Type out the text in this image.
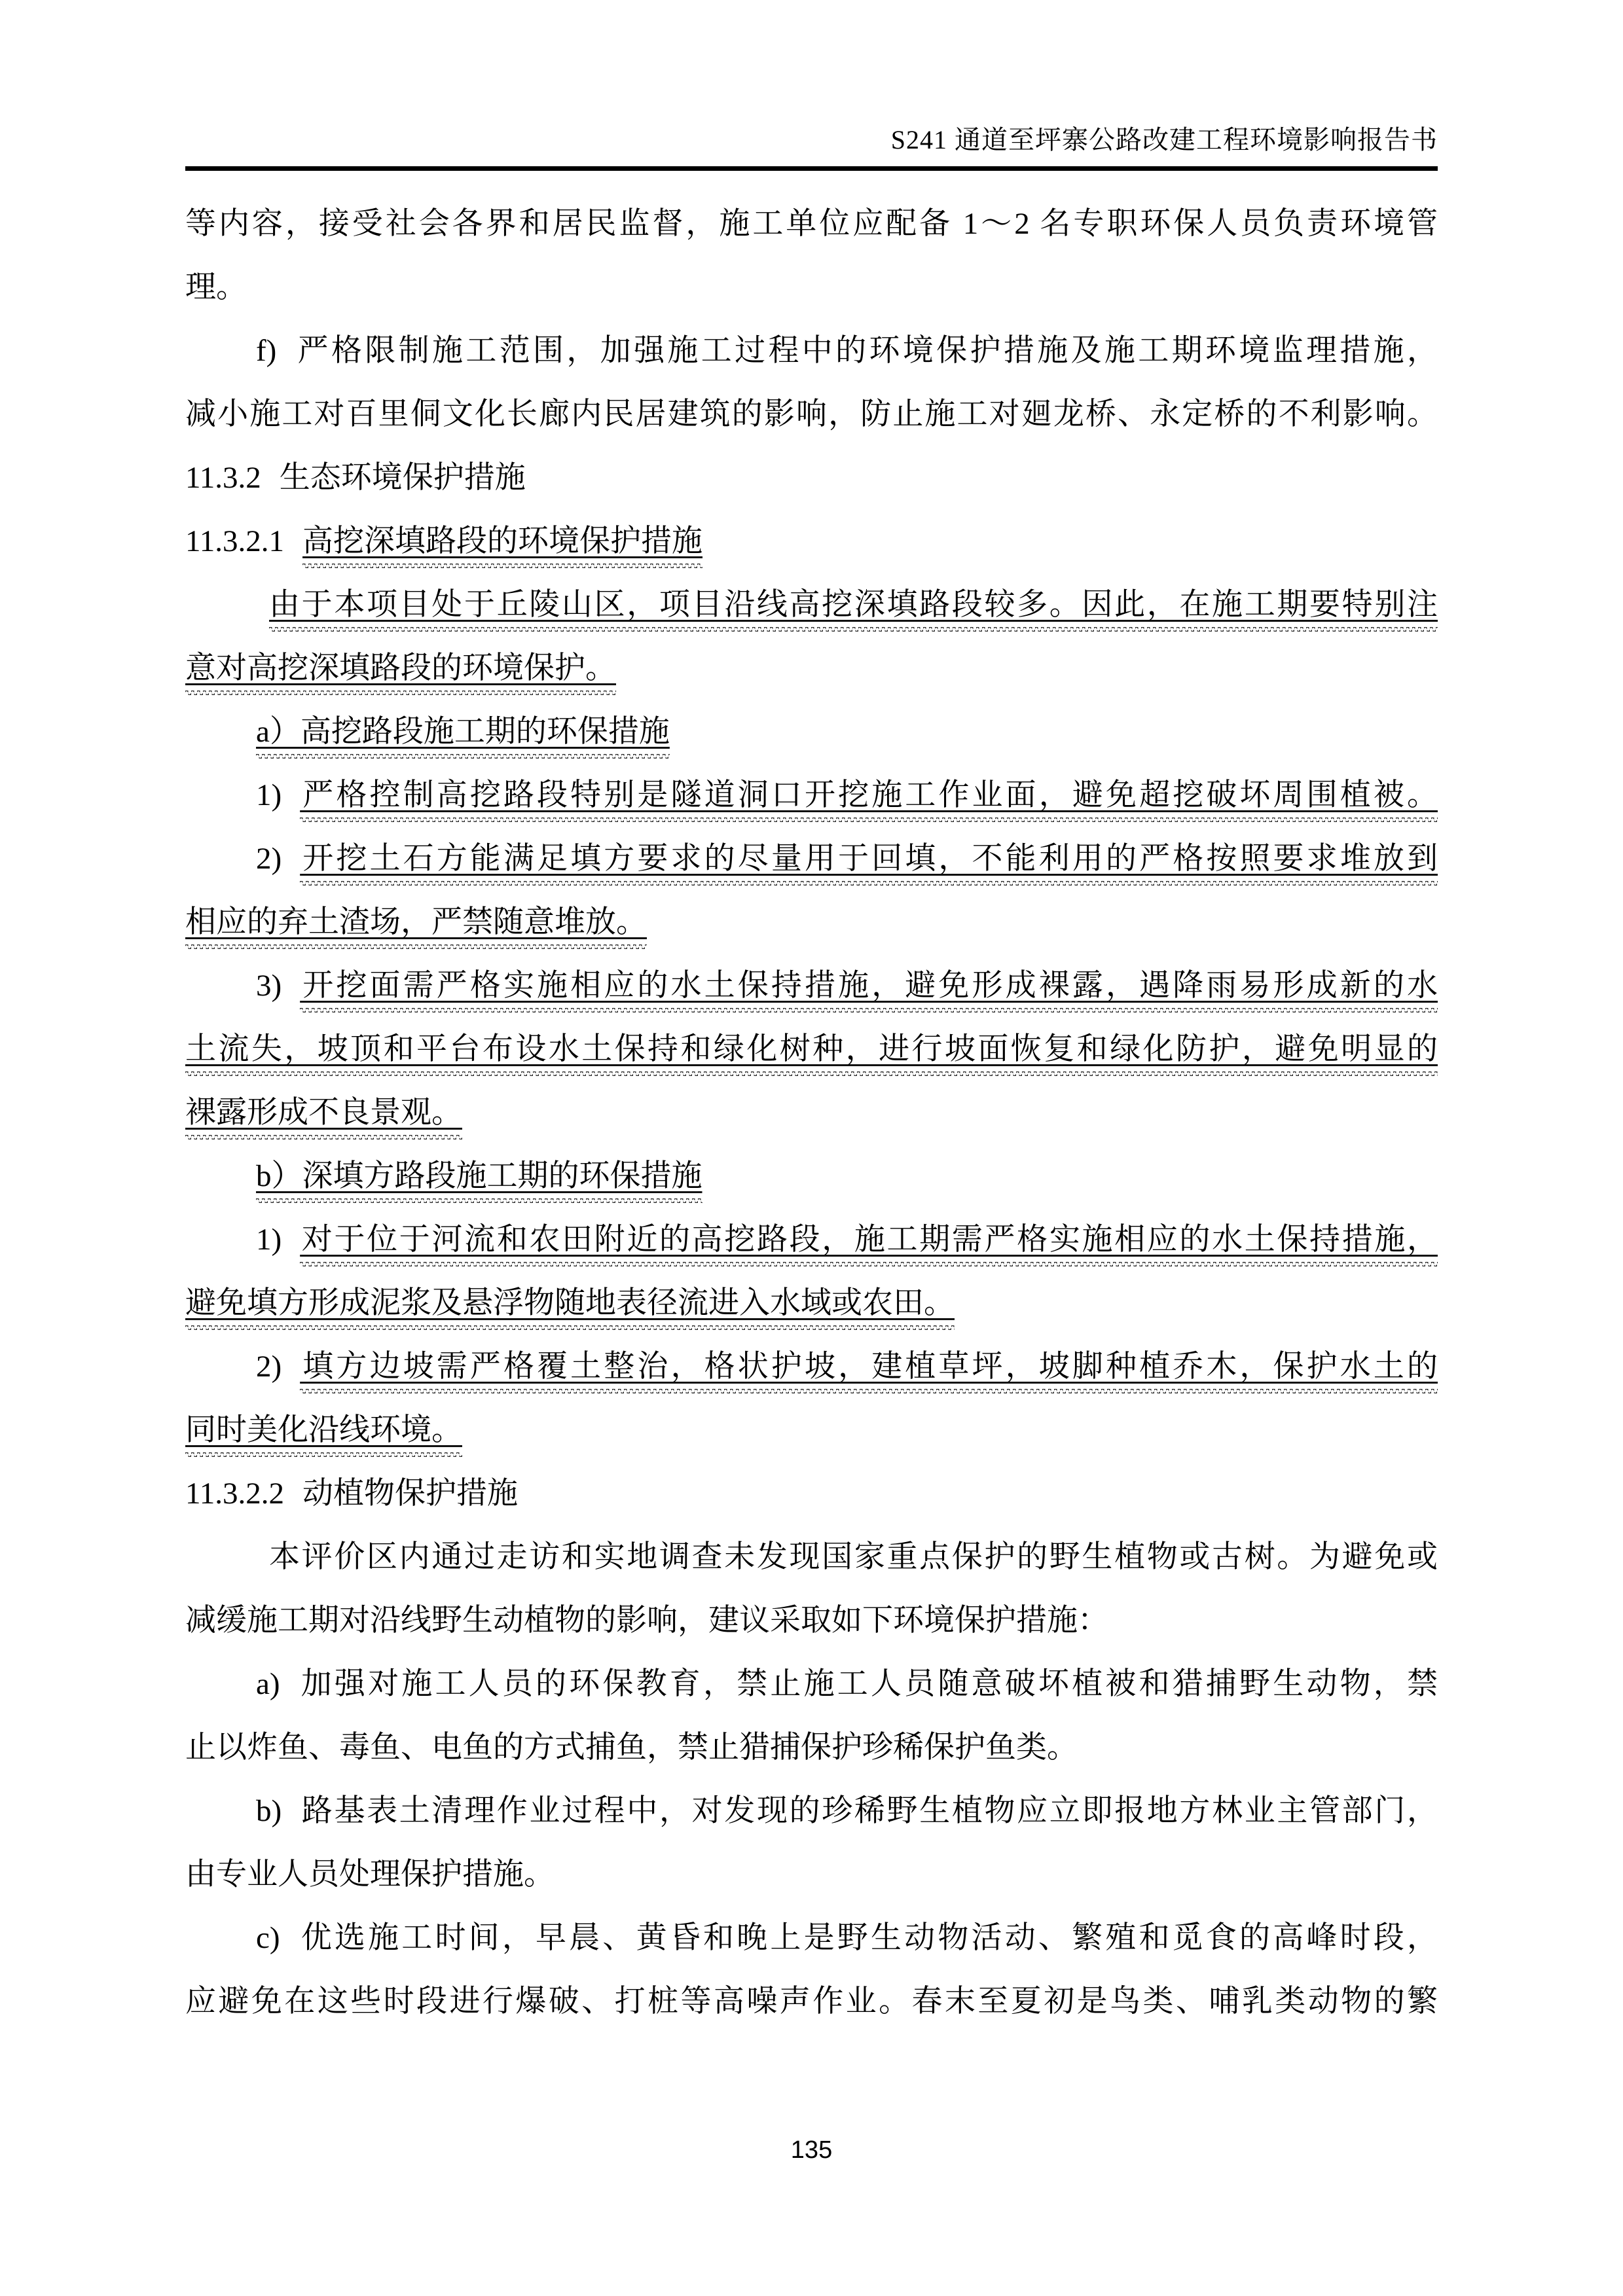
S241 通道至坪寨公路改建工程环境影响报告书
等内容，接受社会各界和居民监督，施工单位应配备 1～2 名专职环保人员负责环境管
理。
f) 严格限制施工范围，加强施工过程中的环境保护措施及施工期环境监理措施，
减小施工对百里侗文化长廊内民居建筑的影响，防止施工对廻龙桥、永定桥的不利影响。
11.3.2 生态环境保护措施
11.3.2.1 高挖深填路段的环境保护措施
由于本项目处于丘陵山区，项目沿线高挖深填路段较多。因此，在施工期要特别注
意对高挖深填路段的环境保护。
a）高挖路段施工期的环保措施
1) 严格控制高挖路段特别是隧道洞口开挖施工作业面，避免超挖破坏周围植被。
2) 开挖土石方能满足填方要求的尽量用于回填，不能利用的严格按照要求堆放到
相应的弃土渣场，严禁随意堆放。
3) 开挖面需严格实施相应的水土保持措施，避免形成裸露，遇降雨易形成新的水
土流失，坡顶和平台布设水土保持和绿化树种，进行坡面恢复和绿化防护，避免明显的
裸露形成不良景观。
b）深填方路段施工期的环保措施
1) 对于位于河流和农田附近的高挖路段，施工期需严格实施相应的水土保持措施，
避免填方形成泥浆及悬浮物随地表径流进入水域或农田。
2) 填方边坡需严格覆土整治，格状护坡，建植草坪，坡脚种植乔木，保护水土的
同时美化沿线环境。
11.3.2.2 动植物保护措施
本评价区内通过走访和实地调查未发现国家重点保护的野生植物或古树。为避免或
减缓施工期对沿线野生动植物的影响，建议采取如下环境保护措施：
a) 加强对施工人员的环保教育，禁止施工人员随意破坏植被和猎捕野生动物，禁
止以炸鱼、毒鱼、电鱼的方式捕鱼，禁止猎捕保护珍稀保护鱼类。
b) 路基表土清理作业过程中，对发现的珍稀野生植物应立即报地方林业主管部门，
由专业人员处理保护措施。
c) 优选施工时间，早晨、黄昏和晚上是野生动物活动、繁殖和觅食的高峰时段，
应避免在这些时段进行爆破、打桩等高噪声作业。春末至夏初是鸟类、哺乳类动物的繁
135
